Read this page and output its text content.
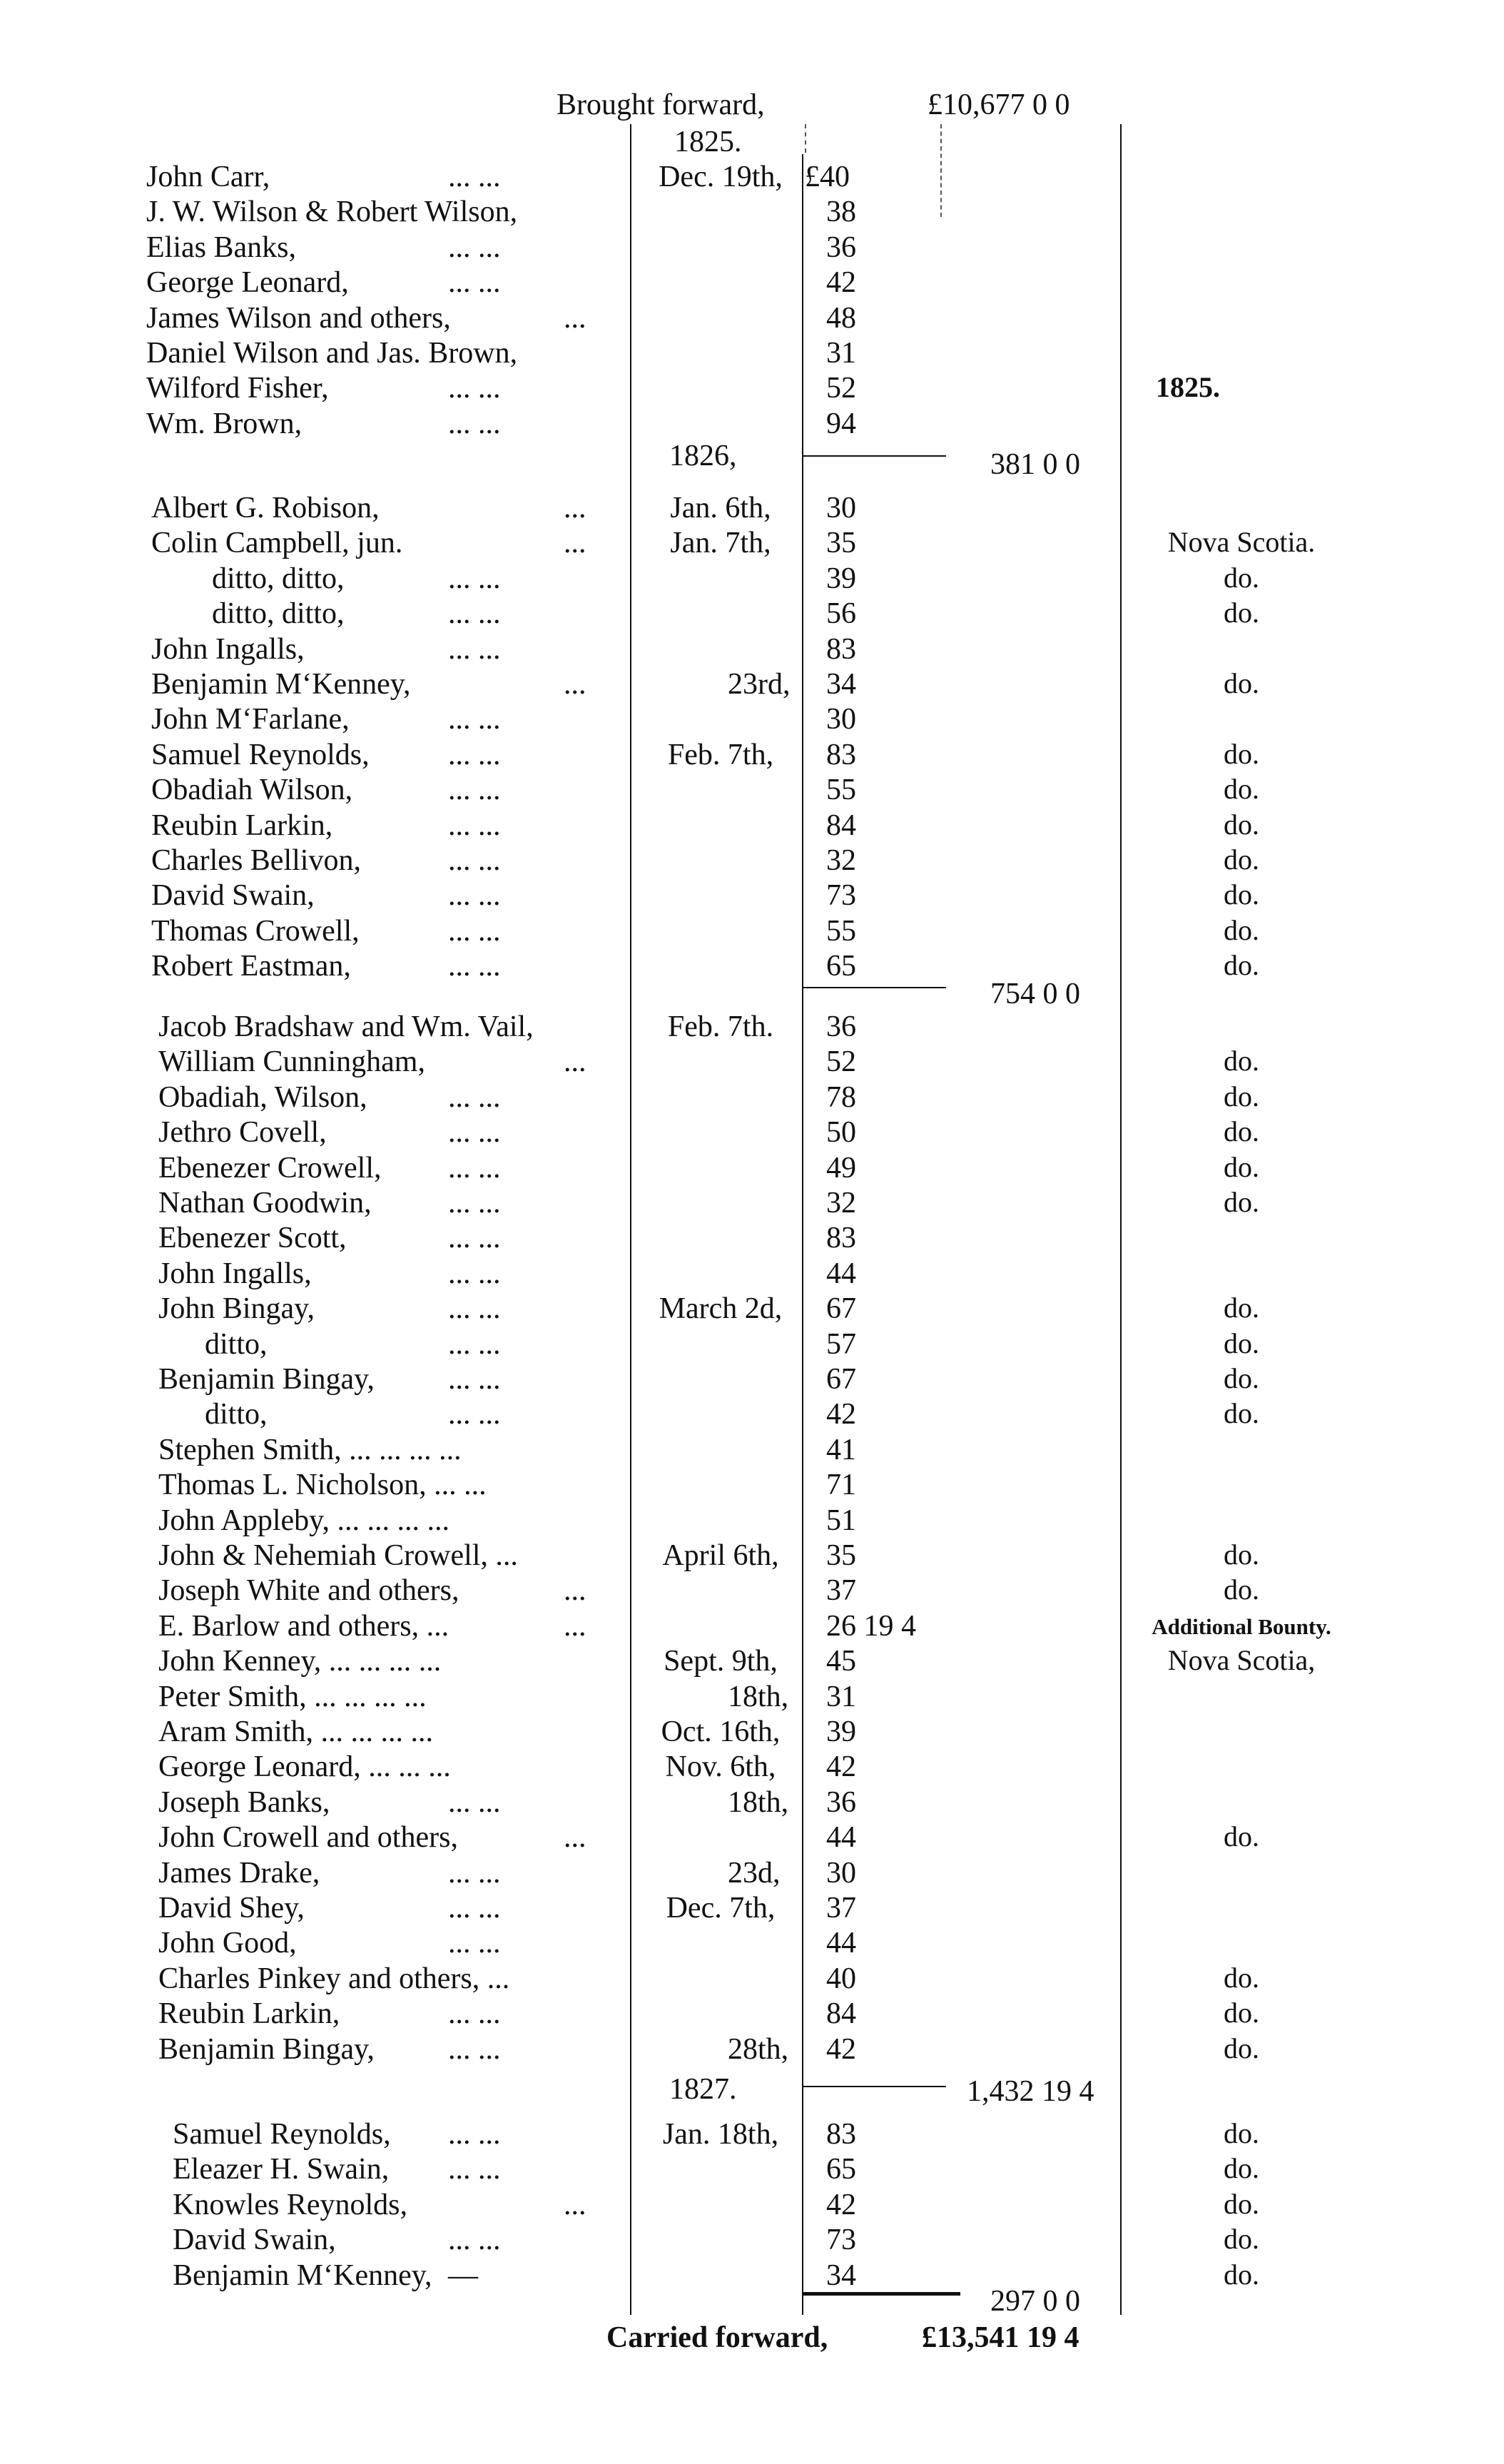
Brought forward,	£10,677 0 0
Carried forward,	£13,541 19 4
1825.
John Carr,	... ...	Dec. 19th, £40
J. W. Wilson & Robert Wilson,	38
Elias Banks,	... ...	36
George Leonard,	... ...	42
James Wilson and others,	...	48
Daniel Wilson and Jas. Brown,	31
Wilford Fisher,	... ...	52	1825.
Wm. Brown,	... ...	94
381 0 0
1826,
Albert G. Robison,	...	Jan. 6th, 30
Colin Campbell, jun.	...	Jan. 7th, 35	Nova Scotia.
ditto, ditto,	... ...	39	do.
ditto, ditto,	... ...	56	do.
John Ingalls,	... ...	83
Benjamin M‘Kenney,	...	23rd, 34	do.
John M‘Farlane,	... ...	30
Samuel Reynolds,	... ...	Feb. 7th, 83	do.
Obadiah Wilson,	... ...	55	do.
Reubin Larkin,	... ...	84	do.
Charles Bellivon,	... ...	32	do.
David Swain,	... ...	73	do.
Thomas Crowell,	... ...	55	do.
Robert Eastman,	... ...	65	do.
754 0 0
Jacob Bradshaw and Wm. Vail,	Feb. 7th. 36
William Cunningham,	...	52	do.
Obadiah, Wilson,	... ...	78	do.
Jethro Covell,	... ...	50	do.
Ebenezer Crowell, ... ...	49	do.
Nathan Goodwin,	... ...	32	do.
Ebenezer Scott,	... ...	83
John Ingalls,	... ...	44
John Bingay,	... ...	March 2d, 67	do.
ditto,	... ...	57	do.
Benjamin Bingay, ... ...	67	do.
ditto,	... ...	42	do.
Stephen Smith, ... ... ... ...	41
Thomas L. Nicholson, ... ...	71
John Appleby, ... ... ... ...	51
John & Nehemiah Crowell, ...	April 6th, 35	do.
Joseph White and others,	...	37	do.
E. Barlow and others, ...	...	26 19 4	Additional Bounty.
John Kenney, ... ... ... ...	Sept. 9th, 45	Nova Scotia,
Peter Smith, ... ... ... ...	18th, 31
Aram Smith, ... ... ... ...	Oct. 16th, 39
George Leonard, ... ... ...	Nov. 6th, 42
Joseph Banks,	... ...	18th, 36
John Crowell and others,	...	44	do.
James Drake,	... ...	23d, 30
David Shey,	... ...	Dec. 7th, 37
John Good,	... ...	44
Charles Pinkey and others, ...	40	do.
Reubin Larkin,	... ...	84	do.
Benjamin Bingay, ... ...	28th, 42	do.
1,432 19 4
1827.
Samuel Reynolds, ... ...	Jan. 18th, 83	do.
Eleazer H. Swain, ... ...	65	do.
Knowles Reynolds,	...	42	do.
David Swain,	... ...	73	do.
Benjamin M‘Kenney, —	34	do.
297 0 0
